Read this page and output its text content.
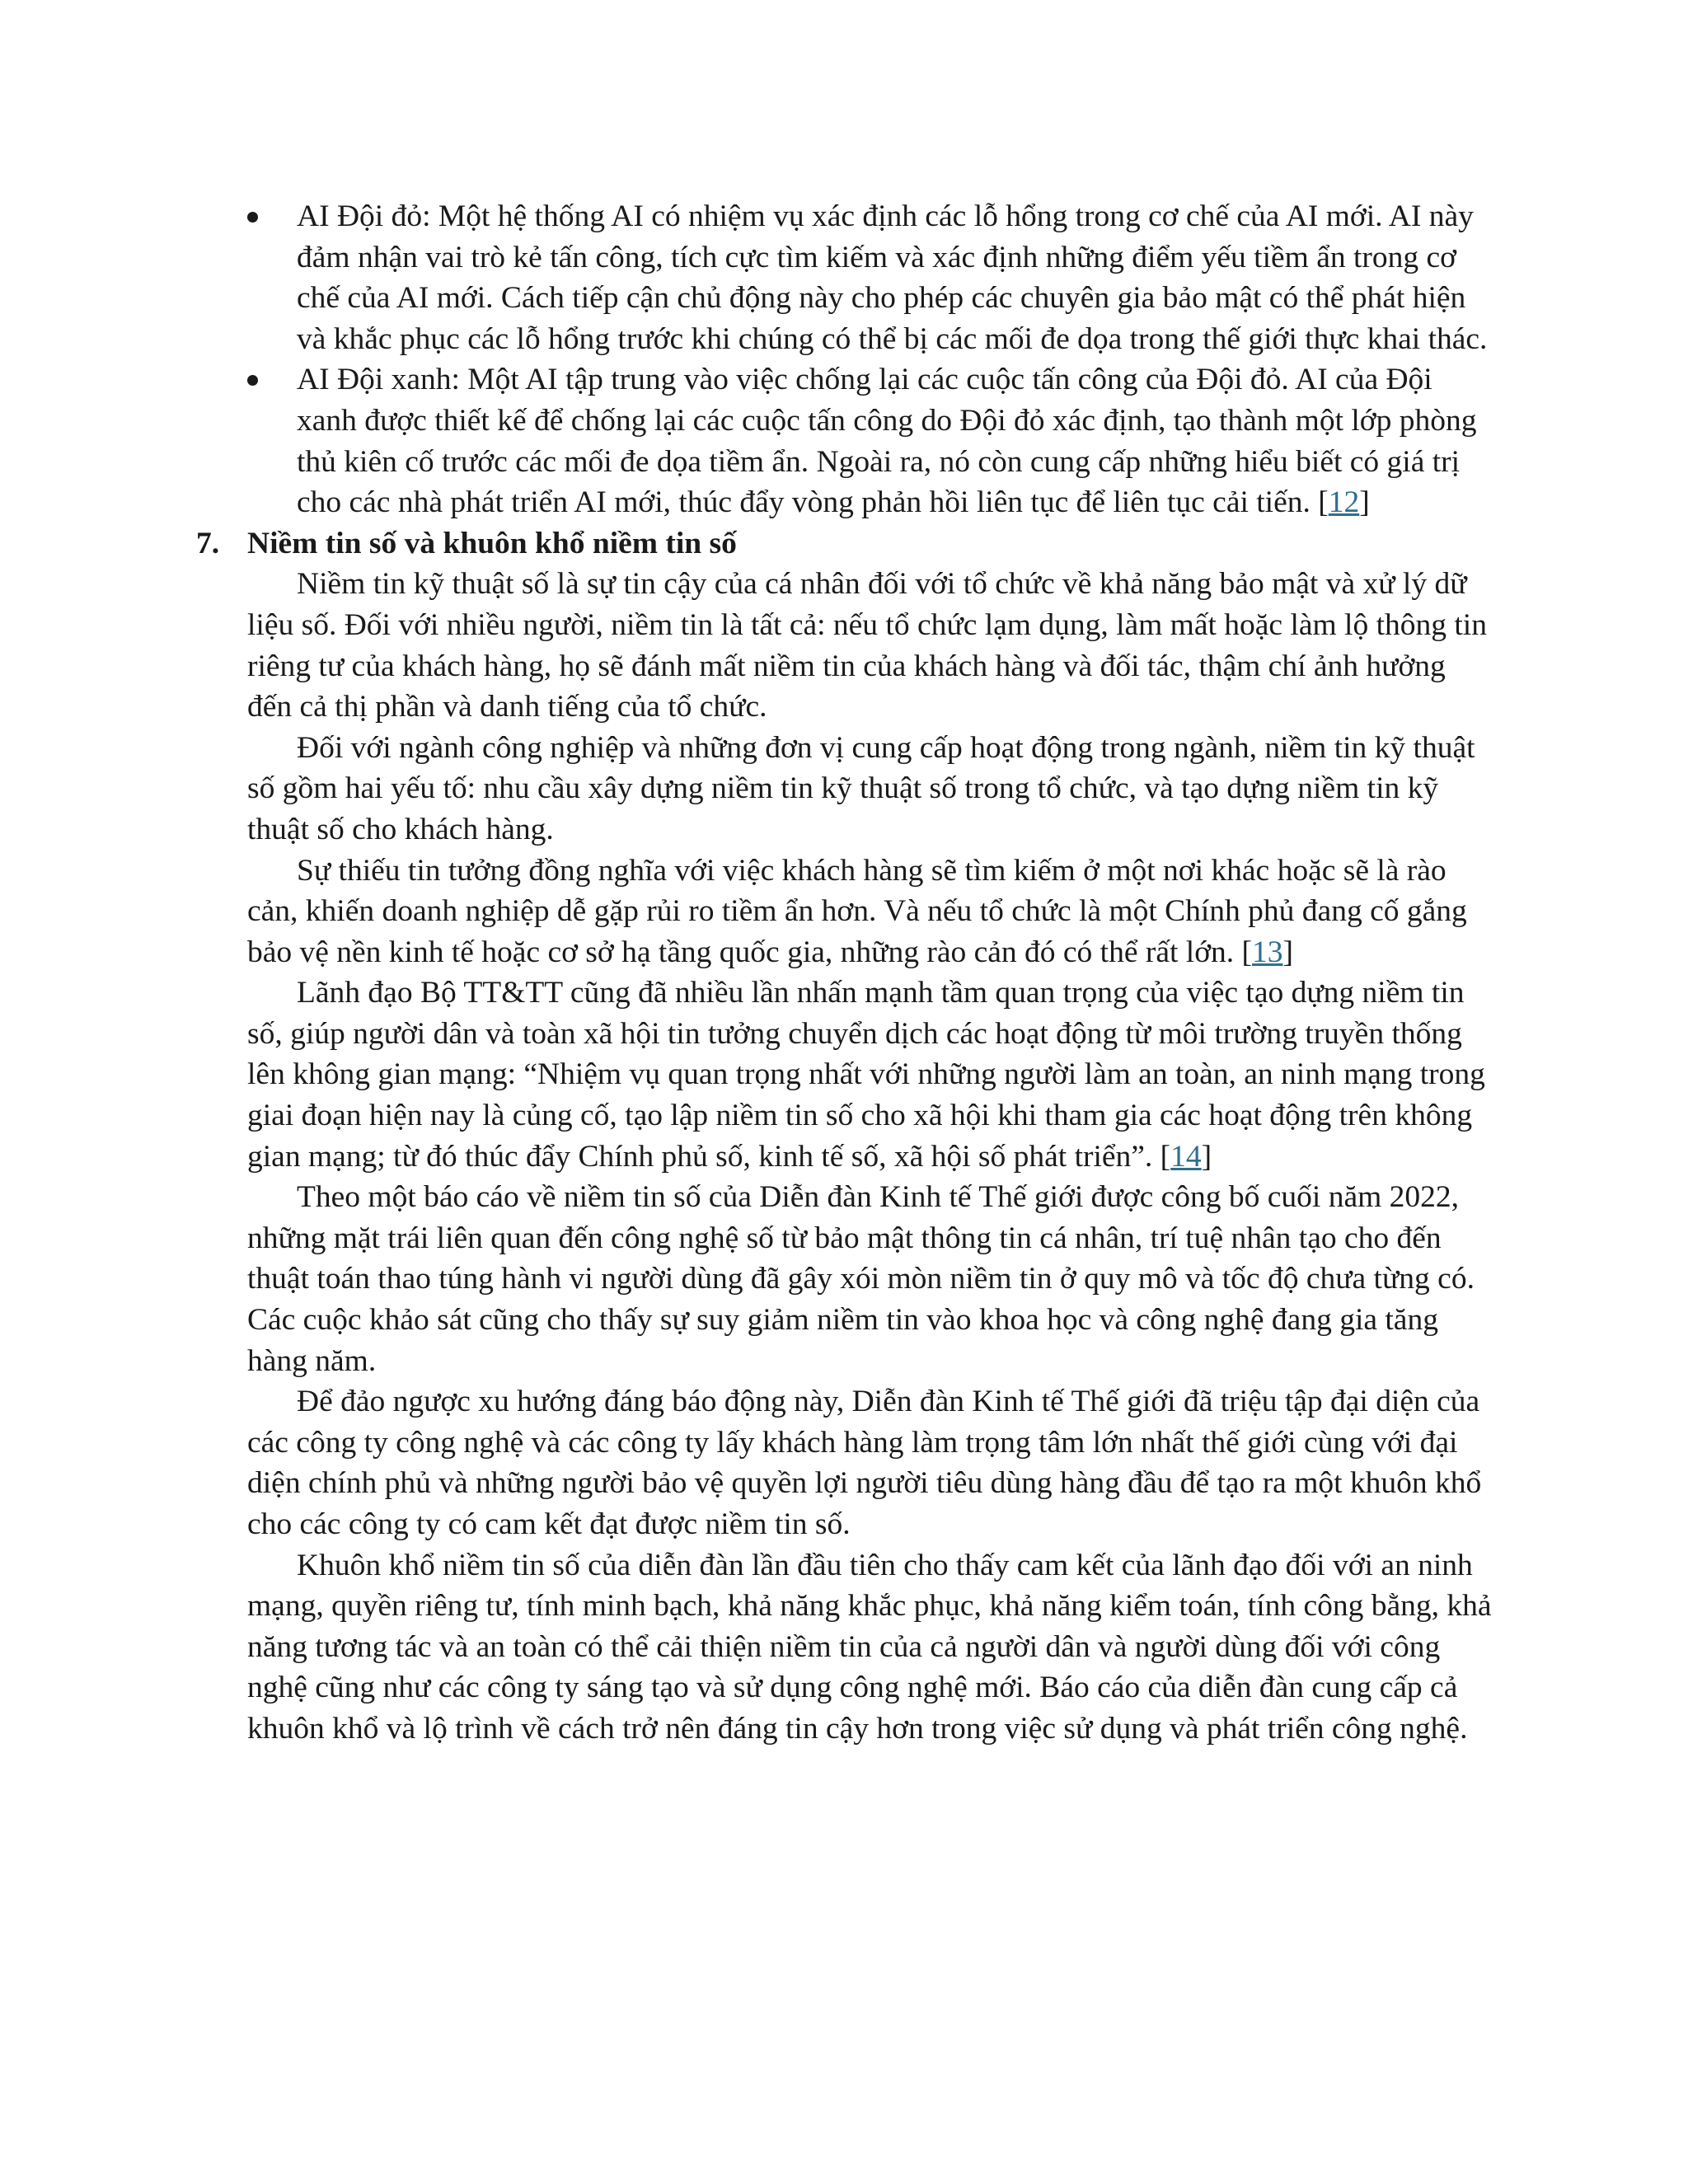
AI Đội đỏ: Một hệ thống AI có nhiệm vụ xác định các lỗ hổng trong cơ chế của AI mới. AI này đảm nhận vai trò kẻ tấn công, tích cực tìm kiếm và xác định những điểm yếu tiềm ẩn trong cơ chế của AI mới. Cách tiếp cận chủ động này cho phép các chuyên gia bảo mật có thể phát hiện và khắc phục các lỗ hổng trước khi chúng có thể bị các mối đe dọa trong thế giới thực khai thác.
AI Đội xanh: Một AI tập trung vào việc chống lại các cuộc tấn công của Đội đỏ. AI của Đội xanh được thiết kế để chống lại các cuộc tấn công do Đội đỏ xác định, tạo thành một lớp phòng thủ kiên cố trước các mối đe dọa tiềm ẩn. Ngoài ra, nó còn cung cấp những hiểu biết có giá trị cho các nhà phát triển AI mới, thúc đẩy vòng phản hồi liên tục để liên tục cải tiến. [12]
7. Niềm tin số và khuôn khổ niềm tin số

Niềm tin kỹ thuật số là sự tin cậy của cá nhân đối với tổ chức về khả năng bảo mật và xử lý dữ liệu số. Đối với nhiều người, niềm tin là tất cả: nếu tổ chức lạm dụng, làm mất hoặc làm lộ thông tin riêng tư của khách hàng, họ sẽ đánh mất niềm tin của khách hàng và đối tác, thậm chí ảnh hưởng đến cả thị phần và danh tiếng của tổ chức.

Đối với ngành công nghiệp và những đơn vị cung cấp hoạt động trong ngành, niềm tin kỹ thuật số gồm hai yếu tố: nhu cầu xây dựng niềm tin kỹ thuật số trong tổ chức, và tạo dựng niềm tin kỹ thuật số cho khách hàng.

Sự thiếu tin tưởng đồng nghĩa với việc khách hàng sẽ tìm kiếm ở một nơi khác hoặc sẽ là rào cản, khiến doanh nghiệp dễ gặp rủi ro tiềm ẩn hơn. Và nếu tổ chức là một Chính phủ đang cố gắng bảo vệ nền kinh tế hoặc cơ sở hạ tầng quốc gia, những rào cản đó có thể rất lớn. [13]

Lãnh đạo Bộ TT&TT cũng đã nhiều lần nhấn mạnh tầm quan trọng của việc tạo dựng niềm tin số, giúp người dân và toàn xã hội tin tưởng chuyển dịch các hoạt động từ môi trường truyền thống lên không gian mạng: “Nhiệm vụ quan trọng nhất với những người làm an toàn, an ninh mạng trong giai đoạn hiện nay là củng cố, tạo lập niềm tin số cho xã hội khi tham gia các hoạt động trên không gian mạng; từ đó thúc đẩy Chính phủ số, kinh tế số, xã hội số phát triển”. [14]

Theo một báo cáo về niềm tin số của Diễn đàn Kinh tế Thế giới được công bố cuối năm 2022, những mặt trái liên quan đến công nghệ số từ bảo mật thông tin cá nhân, trí tuệ nhân tạo cho đến thuật toán thao túng hành vi người dùng đã gây xói mòn niềm tin ở quy mô và tốc độ chưa từng có. Các cuộc khảo sát cũng cho thấy sự suy giảm niềm tin vào khoa học và công nghệ đang gia tăng hàng năm.

Để đảo ngược xu hướng đáng báo động này, Diễn đàn Kinh tế Thế giới đã triệu tập đại diện của các công ty công nghệ và các công ty lấy khách hàng làm trọng tâm lớn nhất thế giới cùng với đại diện chính phủ và những người bảo vệ quyền lợi người tiêu dùng hàng đầu để tạo ra một khuôn khổ cho các công ty có cam kết đạt được niềm tin số.

Khuôn khổ niềm tin số của diễn đàn lần đầu tiên cho thấy cam kết của lãnh đạo đối với an ninh mạng, quyền riêng tư, tính minh bạch, khả năng khắc phục, khả năng kiểm toán, tính công bằng, khả năng tương tác và an toàn có thể cải thiện niềm tin của cả người dân và người dùng đối với công nghệ cũng như các công ty sáng tạo và sử dụng công nghệ mới. Báo cáo của diễn đàn cung cấp cả khuôn khổ và lộ trình về cách trở nên đáng tin cậy hơn trong việc sử dụng và phát triển công nghệ.
